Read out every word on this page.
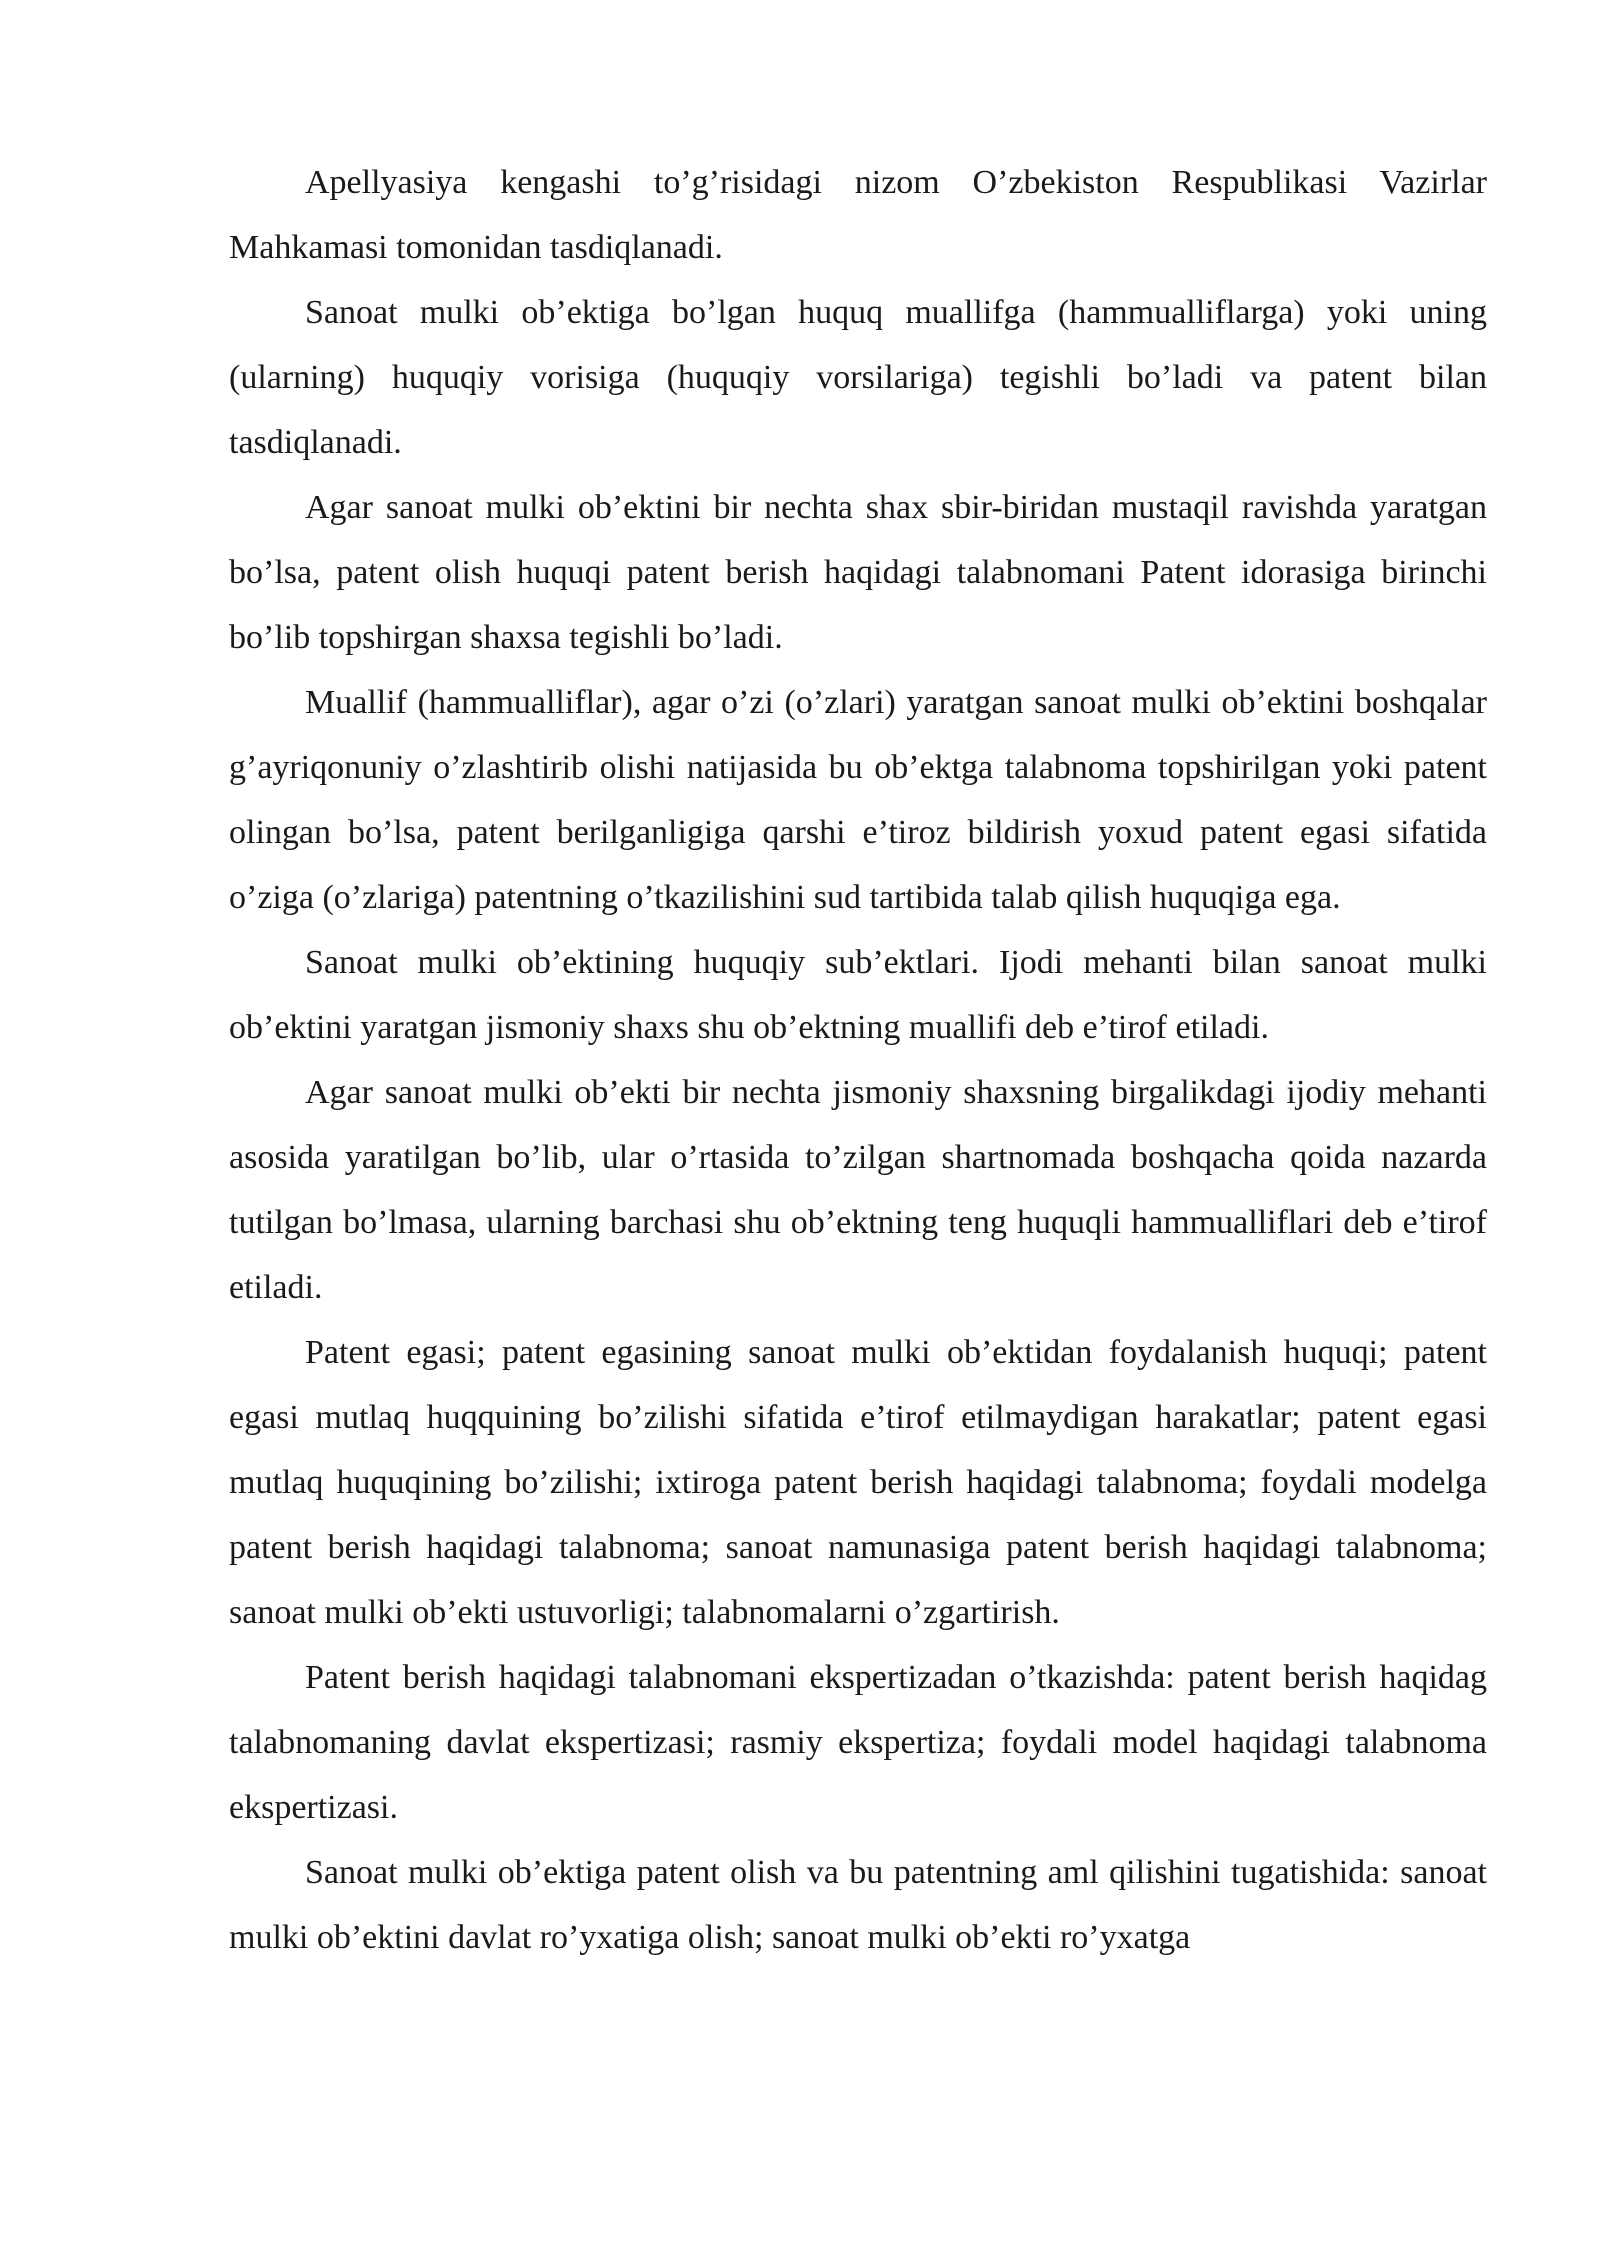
Apellyasiya kengashi to’g’risidagi nizom O’zbekiston Respublikasi Vazirlar Mahkamasi tomonidan tasdiqlanadi.

Sanoat mulki ob’ektiga bo’lgan huquq muallifga (hammualliflarga) yoki uning (ularning) huquqiy vorisiga (huquqiy vorsilariga) tegishli bo’ladi va patent bilan tasdiqlanadi.

Agar sanoat mulki ob’ektini bir nechta shax sbir-biridan mustaqil ravishda yaratgan bo’lsa, patent olish huquqi patent berish haqidagi talabnomani Patent idorasiga birinchi bo’lib topshirgan shaxsa tegishli bo’ladi.

Muallif (hammualliflar), agar o’zi (o’zlari) yaratgan sanoat mulki ob’ektini boshqalar g’ayriqonuniy o’zlashtirib olishi natijasida bu ob’ektga talabnoma topshirilgan yoki patent olingan bo’lsa, patent berilganligiga qarshi e’tiroz bildirish yoxud patent egasi sifatida o’ziga (o’zlariga) patentning o’tkazilishini sud tartibida talab qilish huquqiga ega.

Sanoat mulki ob’ektining huquqiy sub’ektlari. Ijodi mehanti bilan sanoat mulki ob’ektini yaratgan jismoniy shaxs shu ob’ektning muallifi deb e’tirof etiladi.

Agar sanoat mulki ob’ekti bir nechta jismoniy shaxsning birgalikdagi ijodiy mehanti asosida yaratilgan bo’lib, ular o’rtasida to’zilgan shartnomada boshqacha qoida nazarda tutilgan bo’lmasa, ularning barchasi shu ob’ektning teng huquqli hammualliflari deb e’tirof etiladi.

Patent egasi; patent egasining sanoat mulki ob’ektidan foydalanish huquqi; patent egasi mutlaq huqquining bo’zilishi sifatida e’tirof etilmaydigan harakatlar; patent egasi mutlaq huquqining bo’zilishi; ixtiroga patent berish haqidagi talabnoma; foydali modelga patent berish haqidagi talabnoma; sanoat namunasiga patent berish haqidagi talabnoma; sanoat mulki ob’ekti ustuvorligi; talabnomalarni o’zgartirish.

Patent berish haqidagi talabnomani ekspertizadan o’tkazishda: patent berish haqidag talabnomaning davlat ekspertizasi; rasmiy ekspertiza; foydali model haqidagi talabnoma ekspertizasi.

Sanoat mulki ob’ektiga patent olish va bu patentning aml qilishini tugatishida: sanoat mulki ob’ektini davlat ro’yxatiga olish; sanoat mulki ob’ekti ro’yxatga
